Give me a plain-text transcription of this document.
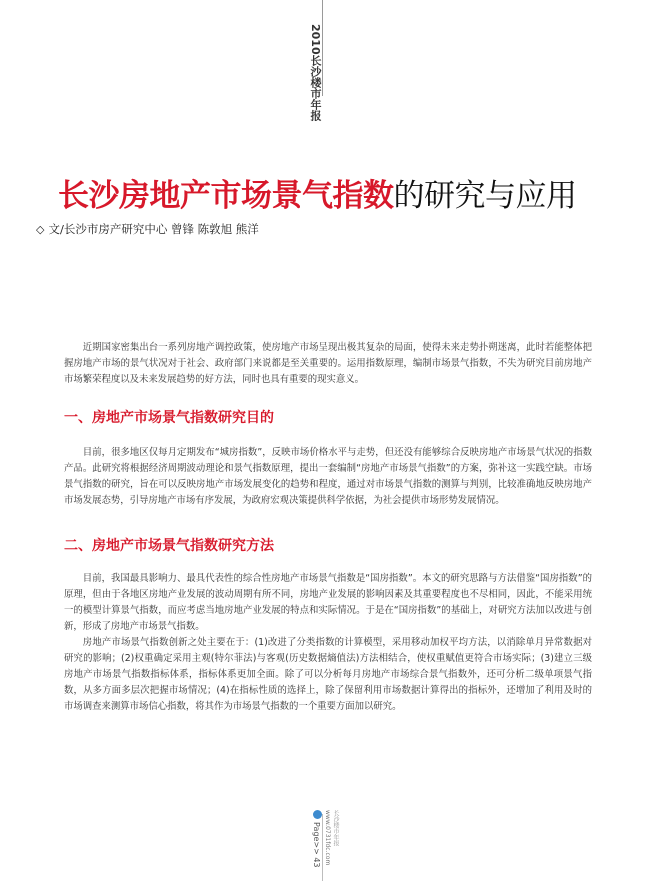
2010长沙楼市年报
长沙房地产市场景气指数的研究与应用
◇ 文/长沙市房产研究中心 曾锋 陈敦旭 熊洋

近期国家密集出台一系列房地产调控政策，使房地产市场呈现出极其复杂的局面，使得未来走势扑朔迷离，此时若能整体把握房地产市场的景气状况对于社会、政府部门来说都是至关重要的。运用指数原理，编制市场景气指数，不失为研究目前房地产市场繁荣程度以及未来发展趋势的好方法，同时也具有重要的现实意义。

一、房地产市场景气指数研究目的

目前，很多地区仅每月定期发布“城房指数”，反映市场价格水平与走势，但还没有能够综合反映房地产市场景气状况的指数产品。此研究将根据经济周期波动理论和景气指数原理，提出一套编制“房地产市场景气指数”的方案，弥补这一实践空缺。市场景气指数的研究，旨在可以反映房地产市场发展变化的趋势和程度，通过对市场景气指数的测算与判别，比较准确地反映房地产市场发展态势，引导房地产市场有序发展，为政府宏观决策提供科学依据，为社会提供市场形势发展情况。

二、房地产市场景气指数研究方法

目前，我国最具影响力、最具代表性的综合性房地产市场景气指数是“国房指数”。本文的研究思路与方法借鉴“国房指数”的原理，但由于各地区房地产业发展的波动周期有所不同，房地产业发展的影响因素及其重要程度也不尽相同，因此，不能采用统一的模型计算景气指数，而应考虑当地房地产业发展的特点和实际情况。于是在“国房指数”的基础上，对研究方法加以改进与创新，形成了房地产市场景气指数。

房地产市场景气指数创新之处主要在于：(1)改进了分类指数的计算模型，采用移动加权平均方法，以消除单月异常数据对研究的影响；(2)权重确定采用主观(特尔菲法)与客观(历史数据熵值法)方法相结合，使权重赋值更符合市场实际；(3)建立三级房地产市场景气指数指标体系，指标体系更加全面。除了可以分析每月房地产市场综合景气指数外，还可分析二级单项景气指数，从多方面多层次把握市场情况；(4)在指标性质的选择上，除了保留利用市场数据计算得出的指标外，还增加了利用及时的市场调查来测算市场信心指数，将其作为市场景气指数的一个重要方面加以研究。

Page>> 43 www.0731fdc.com 长沙楼市年报
